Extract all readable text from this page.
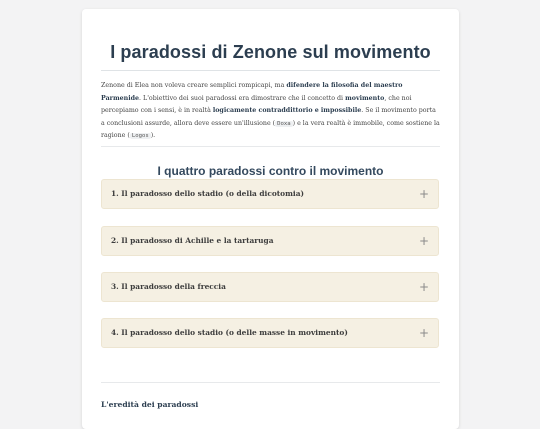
I paradossi di Zenone sul movimento

Zenone di Elea non voleva creare semplici rompicapi, ma difendere la filosofia del maestro Parmenide. L'obiettivo dei suoi paradossi era dimostrare che il concetto di movimento, che noi percepiamo con i sensi, è in realtà logicamente contraddittorio e impossibile. Se il movimento porta a conclusioni assurde, allora deve essere un'illusione ( Doxa ) e la vera realtà è immobile, come sostiene la ragione ( Logos ).

I quattro paradossi contro il movimento
1. Il paradosso dello stadio (o della dicotomia)	+
2. Il paradosso di Achille e la tartaruga	+
3. Il paradosso della freccia	+
4. Il paradosso dello stadio (o delle masse in movimento)	+
L'eredità dei paradossi
